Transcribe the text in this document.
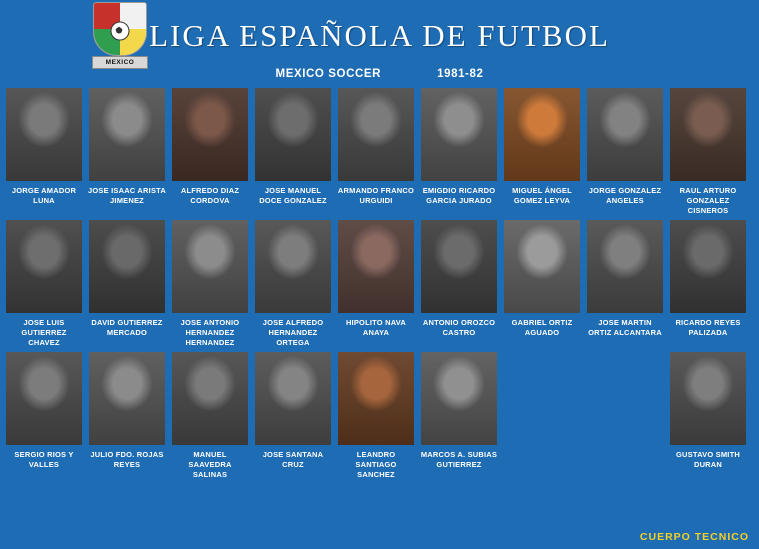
MEXICO
LIGA ESPAÑOLA DE FUTBOL
MEXICO SOCCER	1981-82
JORGE AMADOR LUNA
JOSE ISAAC ARISTA JIMENEZ
ALFREDO DIAZ CORDOVA
JOSE MANUEL DOCE GONZALEZ
ARMANDO FRANCO URGUIDI
EMIGDIO RICARDO GARCIA JURADO
MIGUEL ÁNGEL GOMEZ LEYVA
JORGE GONZALEZ ANGELES
RAUL ARTURO GONZALEZ CISNEROS
JOSE LUIS GUTIERREZ CHAVEZ
DAVID GUTIERREZ MERCADO
JOSE ANTONIO HERNANDEZ HERNANDEZ
JOSE ALFREDO HERNANDEZ ORTEGA
HIPOLITO NAVA ANAYA
ANTONIO OROZCO CASTRO
GABRIEL ORTIZ AGUADO
JOSE MARTIN ORTIZ ALCANTARA
RICARDO REYES PALIZADA
SERGIO RIOS Y VALLES
JULIO FDO. ROJAS REYES
MANUEL SAAVEDRA SALINAS
JOSE SANTANA CRUZ
LEANDRO SANTIAGO SANCHEZ
MARCOS A. SUBIAS GUTIERREZ
GUSTAVO SMITH DURAN
CUERPO TECNICO
